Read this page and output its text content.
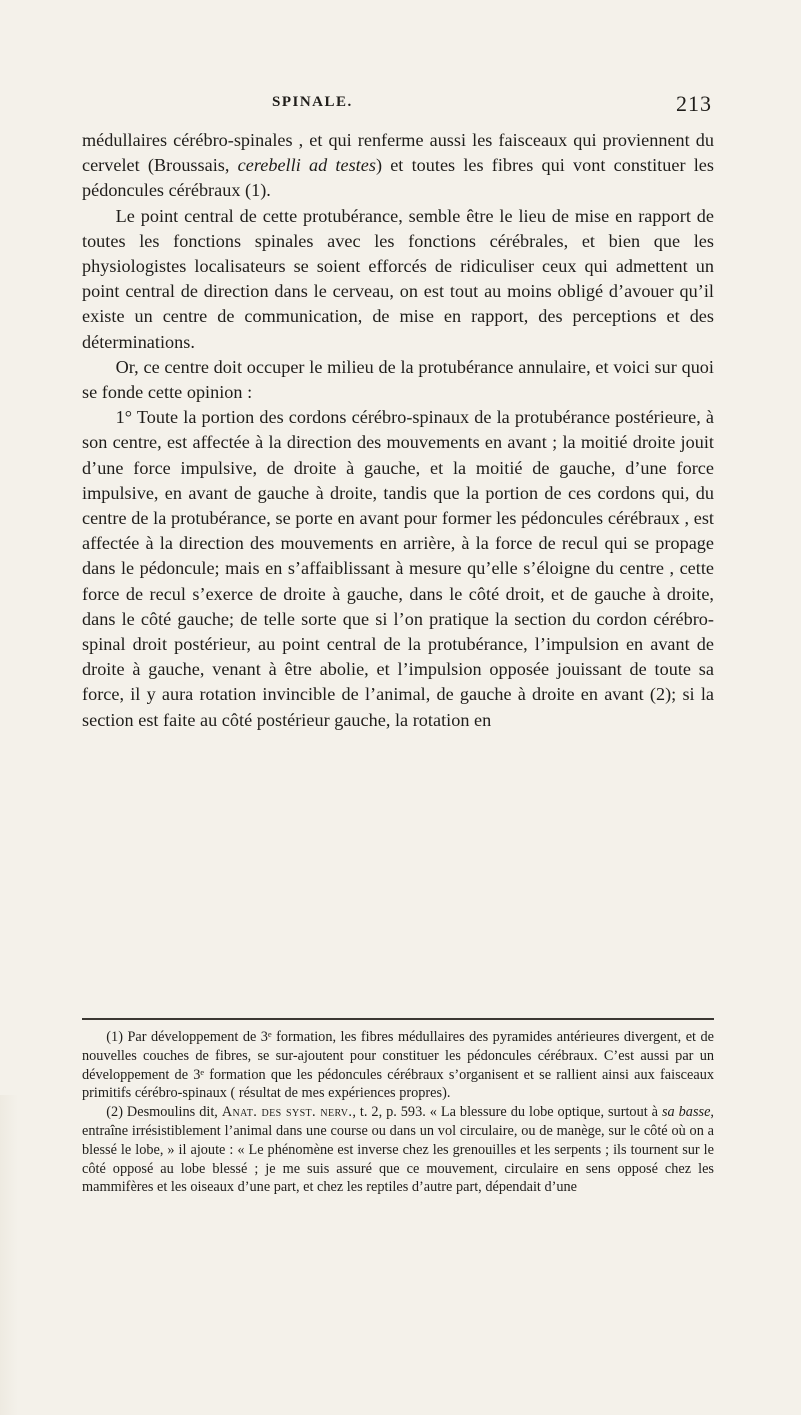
SPINALE.	213

médullaires cérébro-spinales , et qui renferme aussi les faisceaux qui proviennent du cervelet (Broussais, cerebelli ad testes) et toutes les fibres qui vont constituer les pédoncules cérébraux (1).

Le point central de cette protubérance, semble être le lieu de mise en rapport de toutes les fonctions spinales avec les fonctions cérébrales, et bien que les physiologistes localisateurs se soient efforcés de ridiculiser ceux qui admettent un point central de direction dans le cerveau, on est tout au moins obligé d’avouer qu’il existe un centre de communication, de mise en rapport, des perceptions et des déterminations.

Or, ce centre doit occuper le milieu de la protubérance annulaire, et voici sur quoi se fonde cette opinion :

1° Toute la portion des cordons cérébro-spinaux de la protubérance postérieure, à son centre, est affectée à la direction des mouvements en avant ; la moitié droite jouit d’une force impulsive, de droite à gauche, et la moitié de gauche, d’une force impulsive, en avant de gauche à droite, tandis que la portion de ces cordons qui, du centre de la protubérance, se porte en avant pour former les pédoncules cérébraux , est affectée à la direction des mouvements en arrière, à la force de recul qui se propage dans le pédoncule; mais en s’affaiblissant à mesure qu’elle s’éloigne du centre , cette force de recul s’exerce de droite à gauche, dans le côté droit, et de gauche à droite, dans le côté gauche; de telle sorte que si l’on pratique la section du cordon cérébro-spinal droit postérieur, au point central de la protubérance, l’impulsion en avant de droite à gauche, venant à être abolie, et l’impulsion opposée jouissant de toute sa force, il y aura rotation invincible de l’animal, de gauche à droite en avant (2); si la section est faite au côté postérieur gauche, la rotation en

(1) Par développement de 3ᵉ formation, les fibres médullaires des pyramides antérieures divergent, et de nouvelles couches de fibres, se sur-ajoutent pour constituer les pédoncules cérébraux. C’est aussi par un développement de 3ᵉ formation que les pédoncules cérébraux s’organisent et se rallient ainsi aux faisceaux primitifs cérébro-spinaux ( résultat de mes expériences propres).

(2) Desmoulins dit, Anat. des syst. nerv., t. 2, p. 593. « La blessure du lobe optique, surtout à sa basse, entraîne irrésistiblement l’animal dans une course ou dans un vol circulaire, ou de manège, sur le côté où on a blessé le lobe, » il ajoute : « Le phénomène est inverse chez les grenouilles et les serpents ; ils tournent sur le côté opposé au lobe blessé ; je me suis assuré que ce mouvement, circulaire en sens opposé chez les mammifères et les oiseaux d’une part, et chez les reptiles d’autre part, dépendait d’une
